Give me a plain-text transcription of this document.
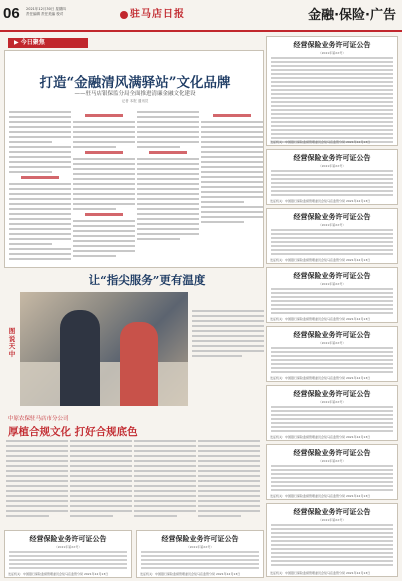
06 2021年12月30日 星期四
责任编辑 责任美编 校对	驻马店日报	金融·保险·广告
▶ 今日聚焦
打造“金融清风满驿站”文化品牌
——驻马店银保监分局全面推进清廉金融文化建设
记者 本报 通讯员
让“指尖服务”更有温度
图说天中
中原农保驻马店市分公司
厚植合规文化 打好合规底色
经营保险业务许可证公告
（2021年第XX号）
发证机关：中国银行保险监督管理委员会驻马店监管分局 2021年12月13日
经营保险业务许可证公告
（2021年第XX号）
发证机关：中国银行保险监督管理委员会驻马店监管分局 2021年12月13日
经营保险业务许可证公告
（2021年第XX号）
发证机关：中国银行保险监督管理委员会驻马店监管分局 2021年12月13日
经营保险业务许可证公告
（2021年第XX号）
发证机关：中国银行保险监督管理委员会驻马店监管分局 2021年12月13日
经营保险业务许可证公告
（2021年第XX号）
发证机关：中国银行保险监督管理委员会驻马店监管分局 2021年12月13日
经营保险业务许可证公告
（2021年第XX号）
发证机关：中国银行保险监督管理委员会驻马店监管分局 2021年12月13日
经营保险业务许可证公告
（2021年第XX号）
发证机关：中国银行保险监督管理委员会驻马店监管分局 2021年12月13日
经营保险业务许可证公告
（2021年第XX号）
发证机关：中国银行保险监督管理委员会驻马店监管分局 2021年12月13日
经营保险业务许可证公告
（2021年第XX号）
发证机关：中国银行保险监督管理委员会驻马店监管分局 2021年12月13日
经营保险业务许可证公告
（2021年第XX号）
发证机关：中国银行保险监督管理委员会驻马店监管分局 2021年12月13日
